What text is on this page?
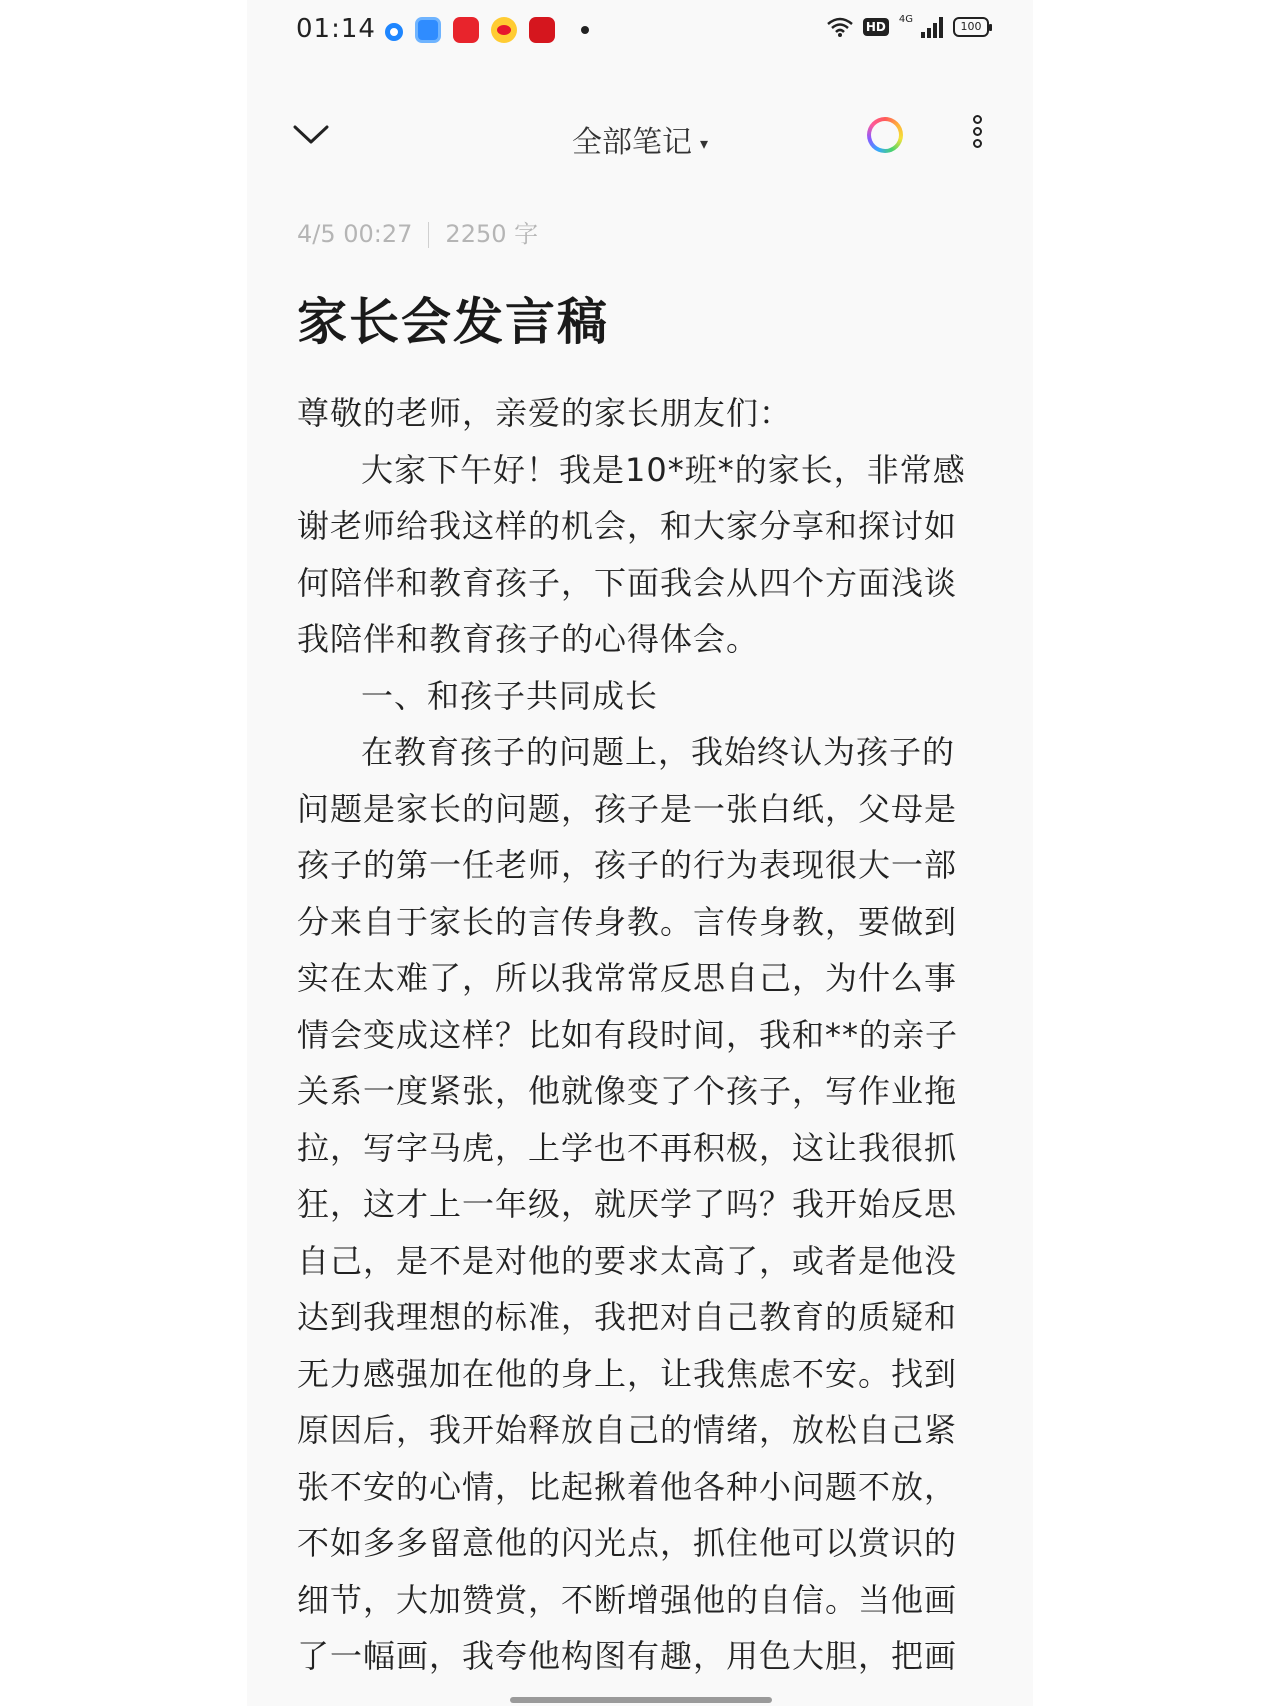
01:14	HD
4G
100
全部笔记 ▾
4/5 00:27 2250 字
家长会发言稿
尊敬的老师，亲爱的家长朋友们：
大家下午好！我是10*班*的家长，非常感
谢老师给我这样的机会，和大家分享和探讨如
何陪伴和教育孩子，下面我会从四个方面浅谈
我陪伴和教育孩子的心得体会。
一、和孩子共同成长
在教育孩子的问题上，我始终认为孩子的
问题是家长的问题，孩子是一张白纸，父母是
孩子的第一任老师，孩子的行为表现很大一部
分来自于家长的言传身教。言传身教，要做到
实在太难了，所以我常常反思自己，为什么事
情会变成这样？比如有段时间，我和**的亲子
关系一度紧张，他就像变了个孩子，写作业拖
拉，写字马虎，上学也不再积极，这让我很抓
狂，这才上一年级，就厌学了吗？我开始反思
自己，是不是对他的要求太高了，或者是他没
达到我理想的标准，我把对自己教育的质疑和
无力感强加在他的身上，让我焦虑不安。找到
原因后，我开始释放自己的情绪，放松自己紧
张不安的心情，比起揪着他各种小问题不放，
不如多多留意他的闪光点，抓住他可以赏识的
细节，大加赞赏，不断增强他的自信。当他画
了一幅画，我夸他构图有趣，用色大胆，把画
